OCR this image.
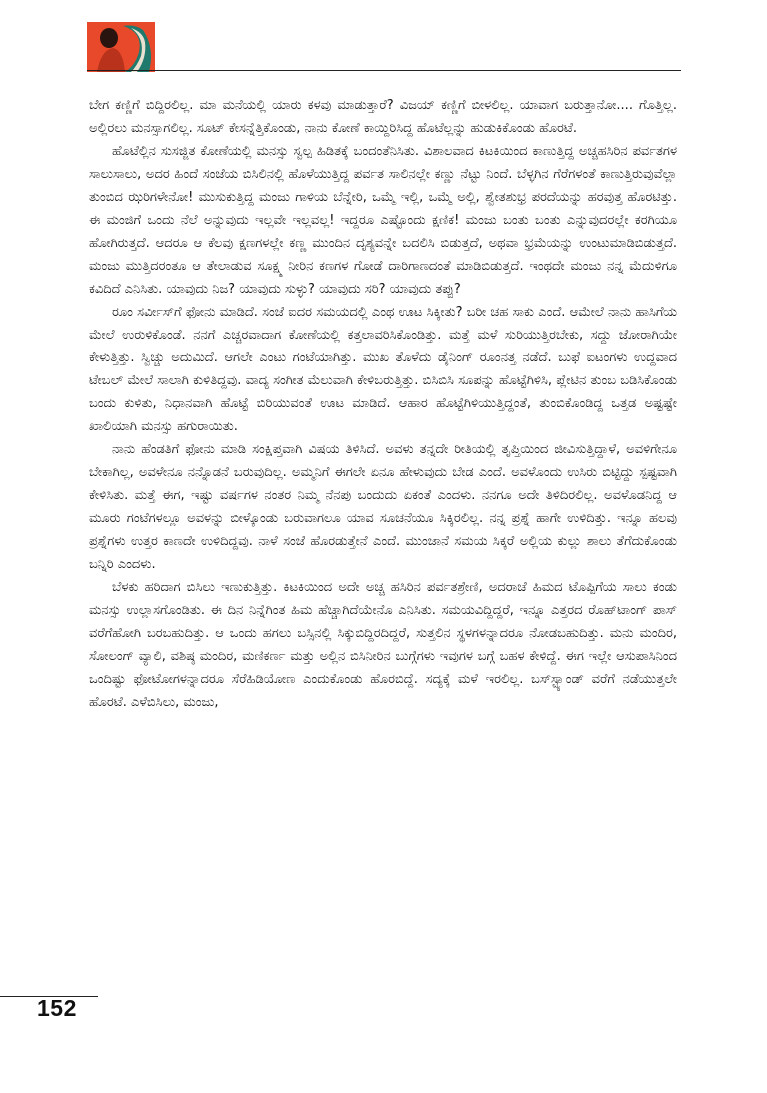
ಬೇಗ ಕಣ್ಣಿಗೆ ಬಿದ್ದಿರಲಿಲ್ಲ. ಮಾ ಮನೆಯಲ್ಲಿ ಯಾರು ಕಳವು ಮಾಡುತ್ತಾರೆ? ವಿಜಯ್ ಕಣ್ಣಿಗೆ ಬೀಳಲಿಲ್ಲ. ಯಾವಾಗ ಬರುತ್ತಾನೋ.... ಗೊತ್ತಿಲ್ಲ. ಅಲ್ಲಿರಲು ಮನಸ್ಸಾಗಲಿಲ್ಲ. ಸೂಟ್ ಕೇಸನ್ನೆತ್ತಿಕೊಂಡು, ನಾನು ಕೋಣೆ ಕಾಯ್ದಿರಿಸಿದ್ದ ಹೊಟೆಲ್ಲನ್ನು ಹುಡುಕಿಕೊಂಡು ಹೊರಟೆ.

ಹೊಟೆಲ್ಲಿನ ಸುಸಜ್ಜಿತ ಕೋಣೆಯಲ್ಲಿ ಮನಸ್ಸು ಸ್ವಲ್ಪ ಹಿಡಿತಕ್ಕೆ ಬಂದಂತೆನಿಸಿತು. ವಿಶಾಲವಾದ ಕಿಟಕಿಯಿಂದ ಕಾಣುತ್ತಿದ್ದ ಅಚ್ಚಹಸಿರಿನ ಪರ್ವತಗಳ ಸಾಲುಸಾಲು, ಅದರ ಹಿಂದೆ ಸಂಜೆಯ ಬಿಸಿಲಿನಲ್ಲಿ ಹೊಳೆಯುತ್ತಿದ್ದ ಪರ್ವತ ಸಾಲಿನಲ್ಲೇ ಕಣ್ಣು ನೆಟ್ಟು ನಿಂದೆ. ಬೆಳ್ಳಗಿನ ಗೆರೆಗಳಂತೆ ಕಾಣುತ್ತಿರುವುವೆಲ್ಲಾ ತುಂಬಿದ ಝರಿಗಳೇನೋ! ಮುಸುಕುತ್ತಿದ್ದ ಮಂಜು ಗಾಳಿಯ ಬೆನ್ನೇರಿ, ಒಮ್ಮೆ ಇಲ್ಲಿ, ಒಮ್ಮೆ ಅಲ್ಲಿ, ಶ್ವೇತಶುಭ್ರ ಪರದೆಯನ್ನು ಹರವುತ್ತ ಹೊರಟಿತ್ತು. ಈ ಮಂಜಿಗೆ ಒಂದು ನೆಲೆ ಅನ್ನುವುದು ಇಲ್ಲವೇ ಇಲ್ಲವಲ್ಲ! ಇದ್ದರೂ ಎಷ್ಟೊಂದು ಕ್ಷಣಿಕ! ಮಂಜು ಬಂತು ಬಂತು ಎನ್ನುವುದರಲ್ಲೇ ಕರಗಿಯೂ ಹೋಗಿರುತ್ತದೆ. ಆದರೂ ಆ ಕೆಲವು ಕ್ಷಣಗಳಲ್ಲೇ ಕಣ್ಣ ಮುಂದಿನ ದೃಶ್ಯವನ್ನೇ ಬದಲಿಸಿ ಬಿಡುತ್ತದೆ, ಅಥವಾ ಭ್ರಮೆಯನ್ನು ಉಂಟುಮಾಡಿಬಿಡುತ್ತದೆ. ಮಂಜು ಮುತ್ತಿದರಂತೂ ಆ ತೇಲಾಡುವ ಸೂಕ್ಷ್ಮ ನೀರಿನ ಕಣಗಳ ಗೋಡೆ ದಾರಿಗಾಣದಂತೆ ಮಾಡಿಬಿಡುತ್ತದೆ. ಇಂಥದೇ ಮಂಜು ನನ್ನ ಮೆದುಳಿಗೂ ಕವಿದಿದೆ ಎನಿಸಿತು. ಯಾವುದು ನಿಜ? ಯಾವುದು ಸುಳ್ಳು? ಯಾವುದು ಸರಿ? ಯಾವುದು ತಪ್ಪು?

ರೂಂ ಸರ್ವೀಸ್‌ಗೆ ಫೋನು ಮಾಡಿದೆ. ಸಂಜೆ ಐದರ ಸಮಯದಲ್ಲಿ ಎಂಥ ಊಟ ಸಿಕ್ಕೀತು? ಬರೀ ಚಹ ಸಾಕು ಎಂದೆ. ಆಮೇಲೆ ನಾನು ಹಾಸಿಗೆಯ ಮೇಲೆ ಉರುಳಿಕೊಂಡೆ. ನನಗೆ ಎಚ್ಚರವಾದಾಗ ಕೋಣೆಯಲ್ಲಿ ಕತ್ತಲಾವರಿಸಿಕೊಂಡಿತ್ತು. ಮತ್ತೆ ಮಳೆ ಸುರಿಯುತ್ತಿರಬೇಕು, ಸದ್ದು ಜೋರಾಗಿಯೇ ಕೇಳುತ್ತಿತ್ತು. ಸ್ವಿಚ್ಚು ಅದುಮಿದೆ. ಆಗಲೇ ಎಂಟು ಗಂಟೆಯಾಗಿತ್ತು. ಮುಖ ತೊಳೆದು ಡೈನಿಂಗ್ ರೂಂನತ್ತ ನಡೆದೆ. ಬುಫೆ ಐಟಂಗಳು ಉದ್ದವಾದ ಟೇಬಲ್ ಮೇಲೆ ಸಾಲಾಗಿ ಕುಳಿತಿದ್ದವು. ವಾದ್ಯ ಸಂಗೀತ ಮೆಲುವಾಗಿ ಕೇಳಿಬರುತ್ತಿತ್ತು. ಬಿಸಿಬಿಸಿ ಸೂಪನ್ನು ಹೊಟ್ಟೆಗಿಳಿಸಿ, ಪ್ಲೇಟಿನ ತುಂಬ ಬಡಿಸಿಕೊಂಡು ಬಂದು ಕುಳಿತು, ನಿಧಾನವಾಗಿ ಹೊಟ್ಟೆ ಬಿರಿಯುವಂತೆ ಊಟ ಮಾಡಿದೆ. ಆಹಾರ ಹೊಟ್ಟೆಗಿಳಿಯುತ್ತಿದ್ದಂತೆ, ತುಂಬಿಕೊಂಡಿದ್ದ ಒತ್ತಡ ಅಷ್ಟಷ್ಟೇ ಖಾಲಿಯಾಗಿ ಮನಸ್ಸು ಹಗುರಾಯಿತು.

ನಾನು ಹೆಂಡತಿಗೆ ಫೋನು ಮಾಡಿ ಸಂಕ್ಷಿಪ್ತವಾಗಿ ವಿಷಯ ತಿಳಿಸಿದೆ. ಅವಳು ತನ್ನದೇ ರೀತಿಯಲ್ಲಿ ತೃಪ್ತಿಯಿಂದ ಜೀವಿಸುತ್ತಿದ್ದಾಳೆ, ಅವಳಿಗೇನೂ ಬೇಕಾಗಿಲ್ಲ, ಅವಳೇನೂ ನನ್ನೊಡನೆ ಬರುವುದಿಲ್ಲ. ಅಮ್ಮನಿಗೆ ಈಗಲೇ ಏನೂ ಹೇಳುವುದು ಬೇಡ ಎಂದೆ. ಅವಳೊಂದು ಉಸಿರು ಬಿಟ್ಟಿದ್ದು ಸ್ಪಷ್ಟವಾಗಿ ಕೇಳಿಸಿತು. ಮತ್ತೆ ಈಗ, ಇಷ್ಟು ವರ್ಷಗಳ ನಂತರ ನಿಮ್ಮ ನೆನಪು ಬಂದುದು ಏಕಂತೆ ಎಂದಳು. ನನಗೂ ಅದೇ ತಿಳಿದಿರಲಿಲ್ಲ. ಅವಳೊಡನಿದ್ದ ಆ ಮೂರು ಗಂಟೆಗಳಲ್ಲೂ ಅವಳನ್ನು ಬೀಳ್ಕೊಂಡು ಬರುವಾಗಲೂ ಯಾವ ಸೂಚನೆಯೂ ಸಿಕ್ಕಿರಲಿಲ್ಲ. ನನ್ನ ಪ್ರಶ್ನೆ ಹಾಗೇ ಉಳಿದಿತ್ತು. ಇನ್ನೂ ಹಲವು ಪ್ರಶ್ನೆಗಳು ಉತ್ತರ ಕಾಣದೇ ಉಳಿದಿದ್ದವು. ನಾಳೆ ಸಂಜೆ ಹೊರಡುತ್ತೇನೆ ಎಂದೆ. ಮುಂಜಾನೆ ಸಮಯ ಸಿಕ್ಕರೆ ಅಲ್ಲಿಯ ಕುಲ್ಲು ಶಾಲು ತೆಗೆದುಕೊಂಡು ಬನ್ನಿರಿ ಎಂದಳು.

ಬೆಳಕು ಹರಿದಾಗ ಬಿಸಿಲು ಇಣುಕುತ್ತಿತ್ತು. ಕಿಟಕಿಯಿಂದ ಅದೇ ಅಚ್ಚ ಹಸಿರಿನ ಪರ್ವತಶ್ರೇಣಿ, ಅದರಾಚೆ ಹಿಮದ ಟೊಪ್ಪಿಗೆಯ ಸಾಲು ಕಂಡು ಮನಸ್ಸು ಉಲ್ಲಾಸಗೊಂಡಿತು. ಈ ದಿನ ನಿನ್ನೆಗಿಂತ ಹಿಮ ಹೆಚ್ಚಾಗಿದೆಯೇನೊ ಎನಿಸಿತು. ಸಮಯವಿದ್ದಿದ್ದರೆ, ಇನ್ನೂ ಎತ್ತರದ ರೊಹ್‌ಟಾಂಗ್ ಪಾಸ್ ವರೆಗೆಹೋಗಿ ಬರಬಹುದಿತ್ತು. ಆ ಒಂದು ಹಗಲು ಬಸ್ಸಿನಲ್ಲಿ ಸಿಕ್ಕುಬಿದ್ದಿರದಿದ್ದರೆ, ಸುತ್ತಲಿನ ಸ್ಥಳಗಳನ್ನಾದರೂ ನೋಡಬಹುದಿತ್ತು. ಮನು ಮಂದಿರ, ಸೋಲಂಗ್ ವ್ಯಾಲಿ, ವಶಿಷ್ಠ ಮಂದಿರ, ಮಣಿಕರ್ಣ ಮತ್ತು ಅಲ್ಲಿನ ಬಿಸಿನೀರಿನ ಬುಗ್ಗೆಗಳು ಇವುಗಳ ಬಗ್ಗೆ ಬಹಳ ಕೇಳಿದ್ದೆ. ಈಗ ಇಲ್ಲೇ ಆಸುಪಾಸಿನಿಂದ ಒಂದಿಷ್ಟು ಫೋಟೋಗಳನ್ನಾದರೂ ಸೆರೆಹಿಡಿಯೋಣ ಎಂದುಕೊಂಡು ಹೊರಬಿದ್ದೆ. ಸದ್ಯಕ್ಕೆ ಮಳೆ ಇರಲಿಲ್ಲ. ಬಸ್‌ಸ್ಟ್ಯಾಂಡ್ ವರೆಗೆ ನಡೆಯುತ್ತಲೇ ಹೊರಟೆ. ಎಳೆಬಿಸಿಲು, ಮಂಜು,

152
